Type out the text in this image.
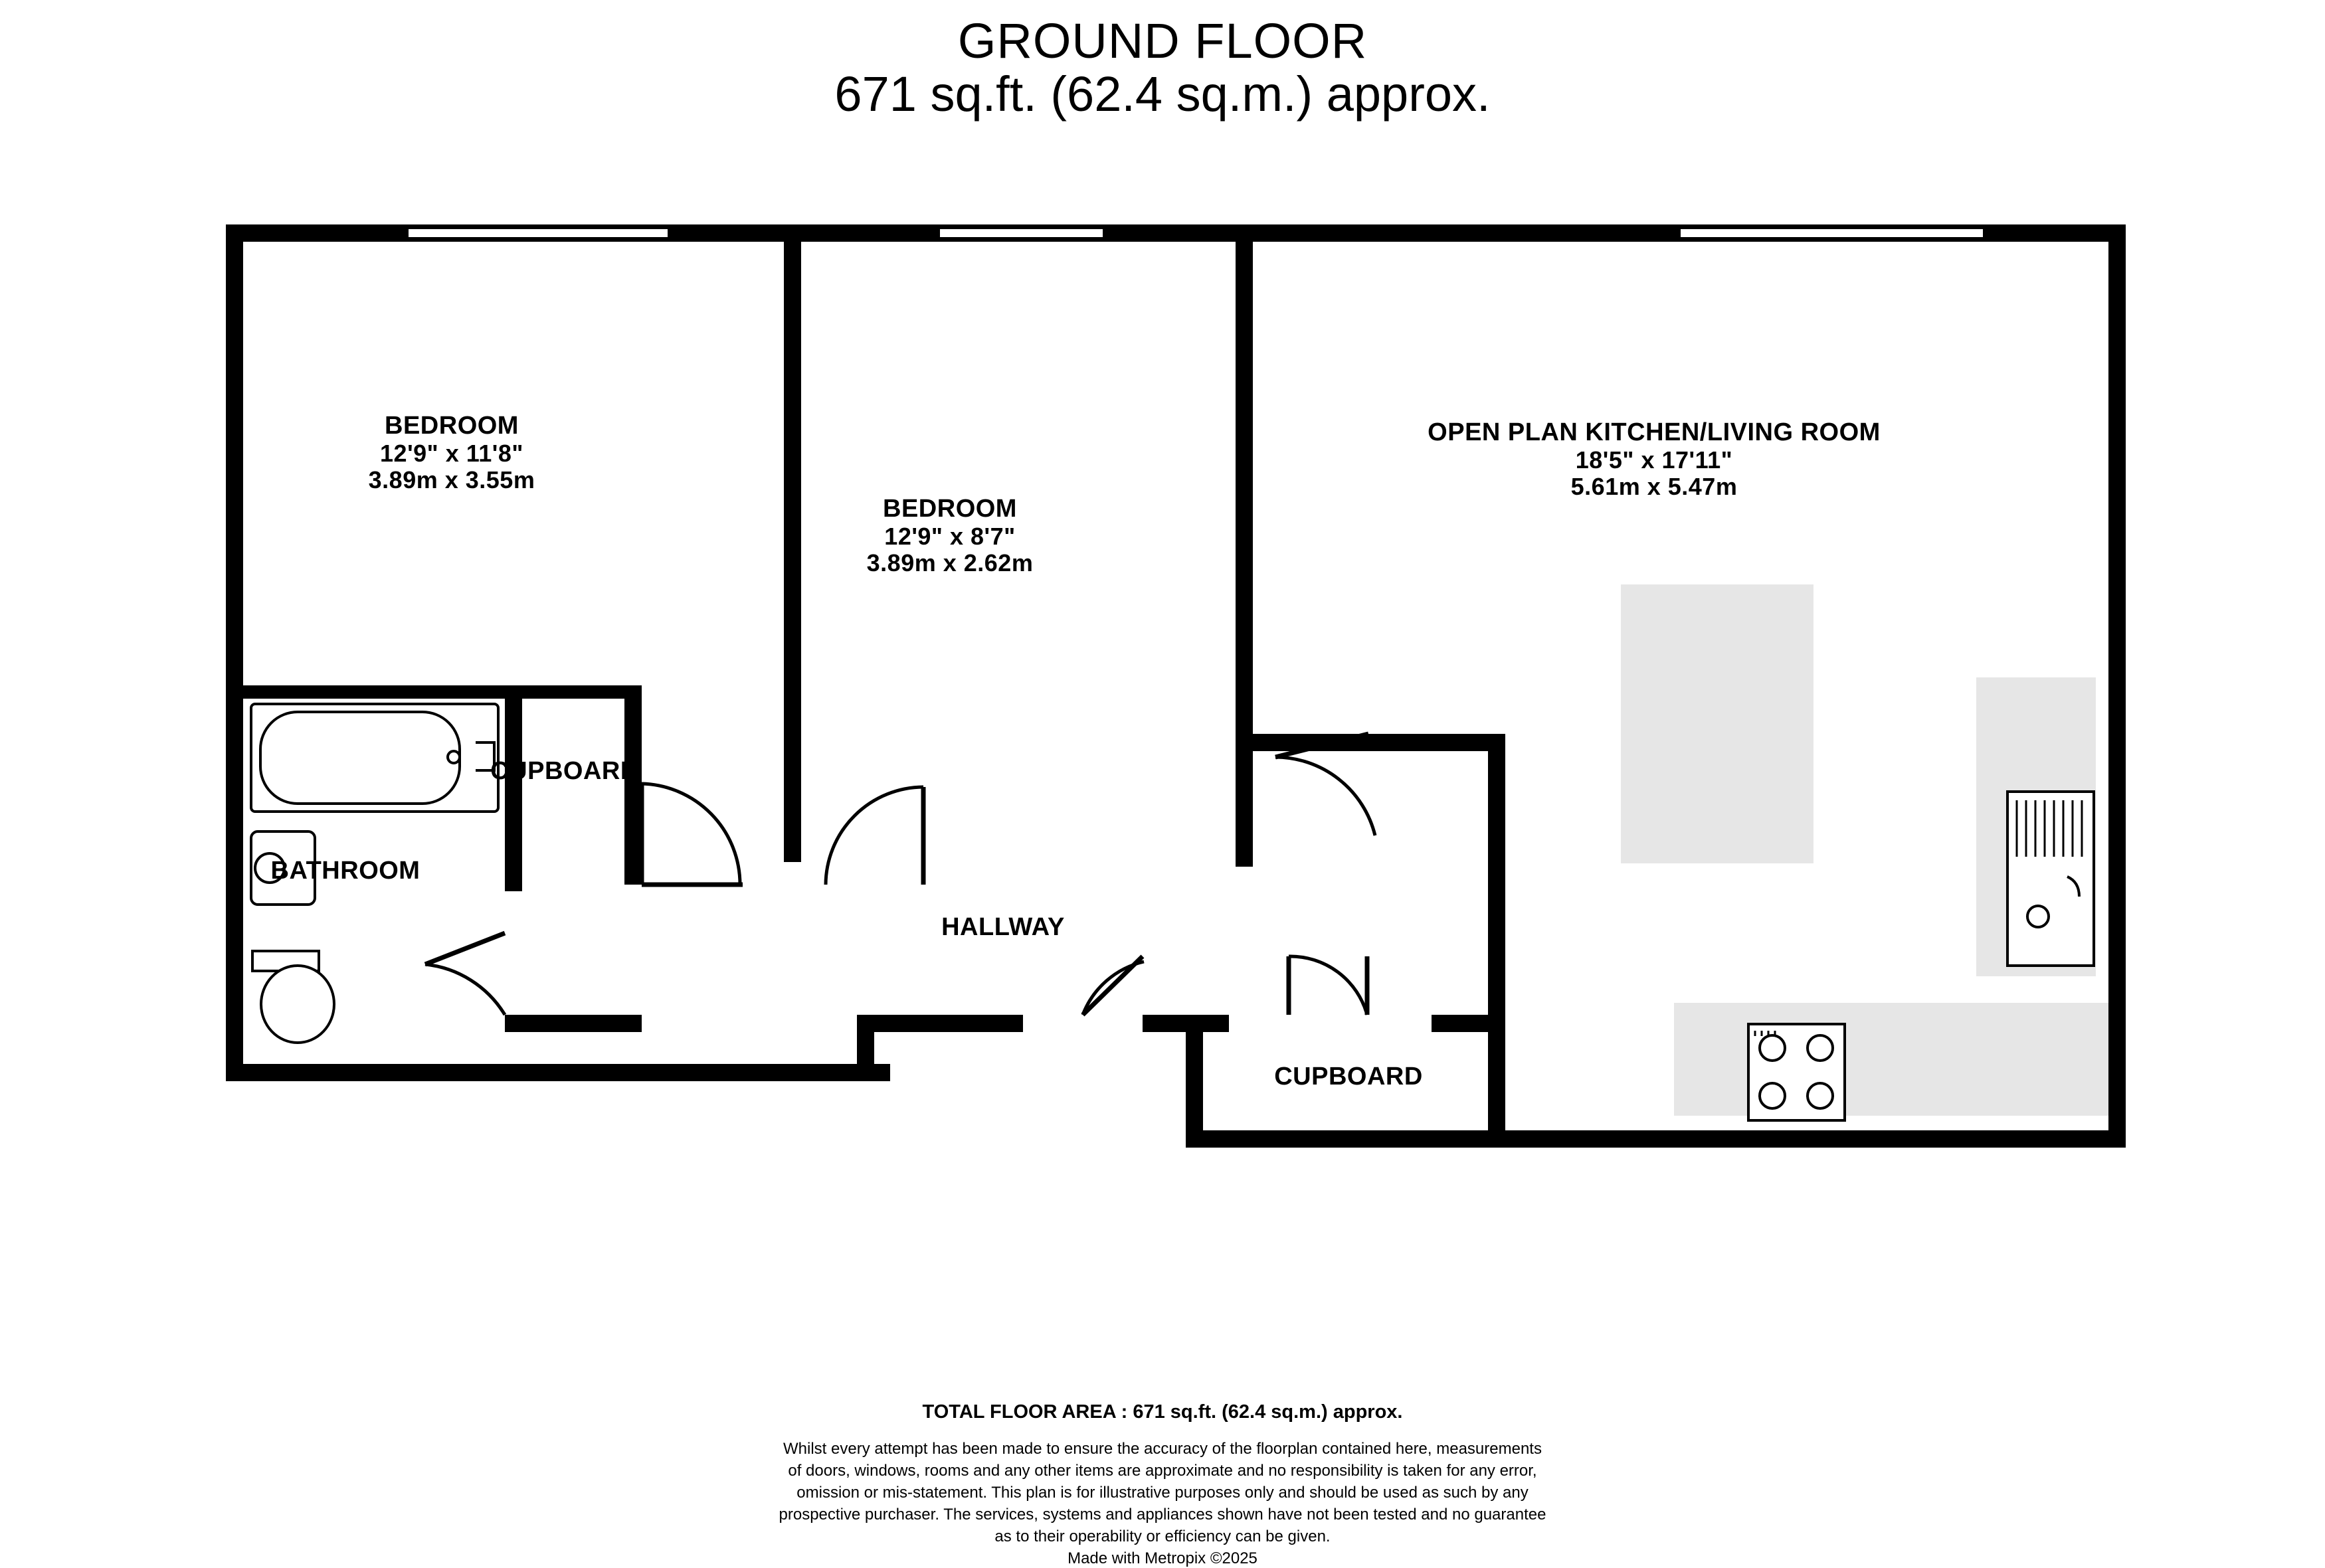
GROUND FLOOR
671 sq.ft. (62.4 sq.m.) approx.
BEDROOM
12'9" x 11'8"
3.89m x 3.55m
BEDROOM
12'9" x 8'7"
3.89m x 2.62m
OPEN PLAN KITCHEN/LIVING ROOM
18'5" x 17'11"
5.61m x 5.47m
BATHROOM
CUPBOARD
CUPBOARD
HALLWAY
TOTAL FLOOR AREA : 671 sq.ft. (62.4 sq.m.) approx.
Whilst every attempt has been made to ensure the accuracy of the floorplan contained here, measurements
of doors, windows, rooms and any other items are approximate and no responsibility is taken for any error,
omission or mis-statement. This plan is for illustrative purposes only and should be used as such by any
prospective purchaser. The services, systems and appliances shown have not been tested and no guarantee
as to their operability or efficiency can be given.
Made with Metropix ©2025
